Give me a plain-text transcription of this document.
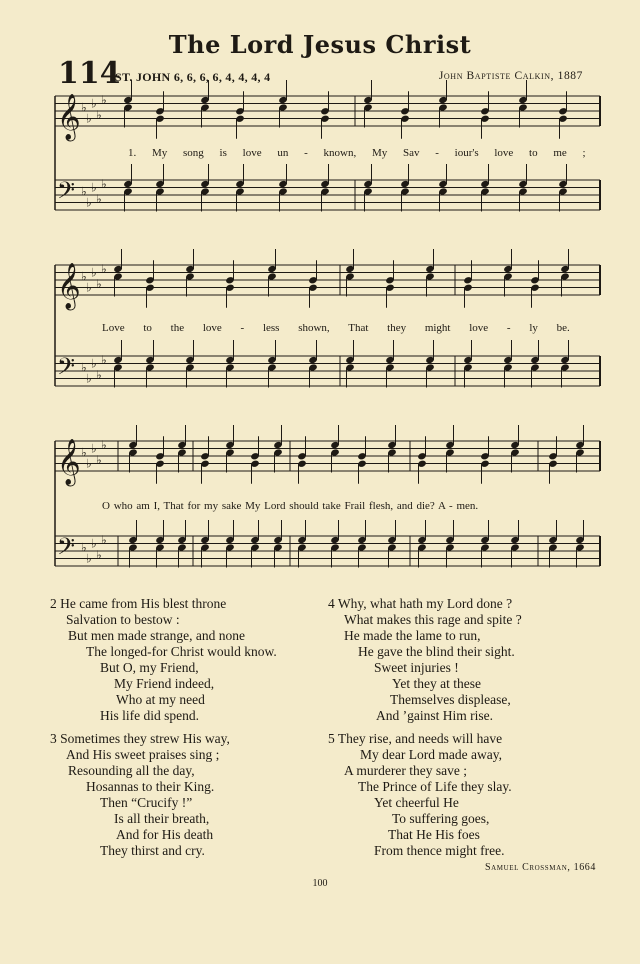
The Lord Jesus Christ
114
ST. JOHN 6, 6, 6, 6, 4, 4, 4, 4	John Baptiste Calkin, 1887
𝄞
𝄢
♭
♭
♭
♭
♭
♭
♭
♭
♭
♭
𝄞
𝄢
♭
♭
♭
♭
♭
♭
♭
♭
♭
♭
𝄞
𝄢
♭
♭
♭
♭
♭
♭
♭
♭
♭
♭
1. My song is love un - known, My Sav - iour's love to me ;
Love to the love - less shown, That they might love - ly be.
O who am I, That for my sake My Lord should take Frail flesh, and die? A - men.
2 He came from His blest throne
Salvation to bestow :
But men made strange, and none
The longed-for Christ would know.
But O, my Friend,
My Friend indeed,
Who at my need
His life did spend.
3 Sometimes they strew His way,
And His sweet praises sing ;
Resounding all the day,
Hosannas to their King.
Then “Crucify !”
Is all their breath,
And for His death
They thirst and cry.
4 Why, what hath my Lord done ?
What makes this rage and spite ?
He made the lame to run,
He gave the blind their sight.
Sweet injuries !
Yet they at these
Themselves displease,
And ’gainst Him rise.
5 They rise, and needs will have
My dear Lord made away,
A murderer they save ;
The Prince of Life they slay.
Yet cheerful He
To suffering goes,
That He His foes
From thence might free.
Samuel Crossman, 1664
100
